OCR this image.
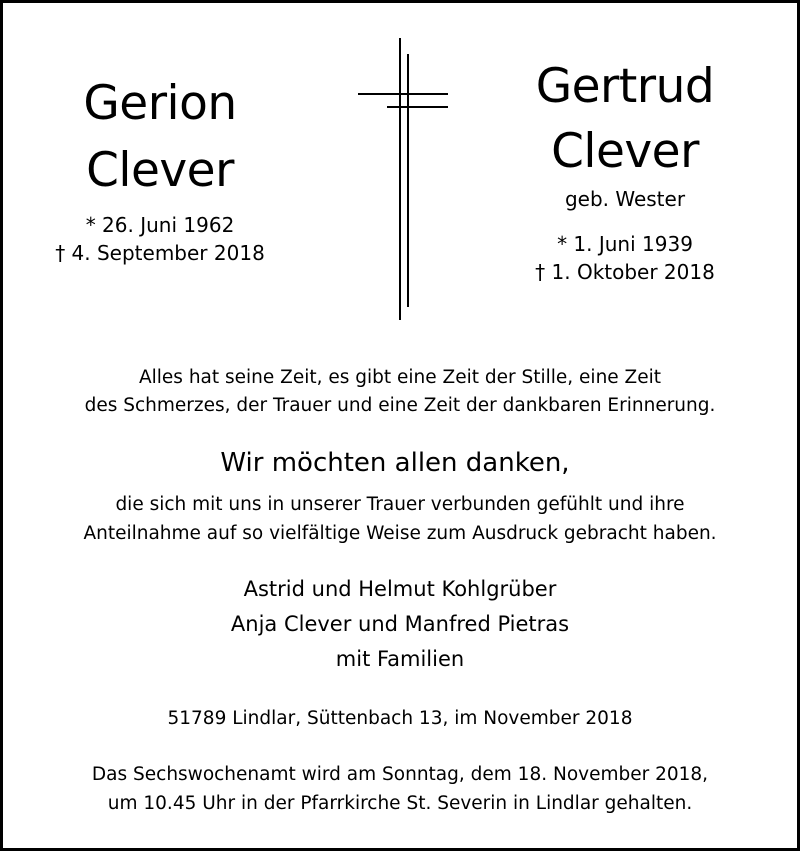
Gerion
Clever
* 26. Juni 1962
† 4. September 2018
Gertrud
Clever
geb. Wester
* 1. Juni 1939
† 1. Oktober 2018
Alles hat seine Zeit, es gibt eine Zeit der Stille, eine Zeit
des Schmerzes, der Trauer und eine Zeit der dankbaren Erinnerung.
Wir möchten allen danken,
die sich mit uns in unserer Trauer verbunden gefühlt und ihre
Anteilnahme auf so vielfältige Weise zum Ausdruck gebracht haben.
Astrid und Helmut Kohlgrüber
Anja Clever und Manfred Pietras
mit Familien
51789 Lindlar, Süttenbach 13, im November 2018
Das Sechswochenamt wird am Sonntag, dem 18. November 2018,
um 10.45 Uhr in der Pfarrkirche St. Severin in Lindlar gehalten.
